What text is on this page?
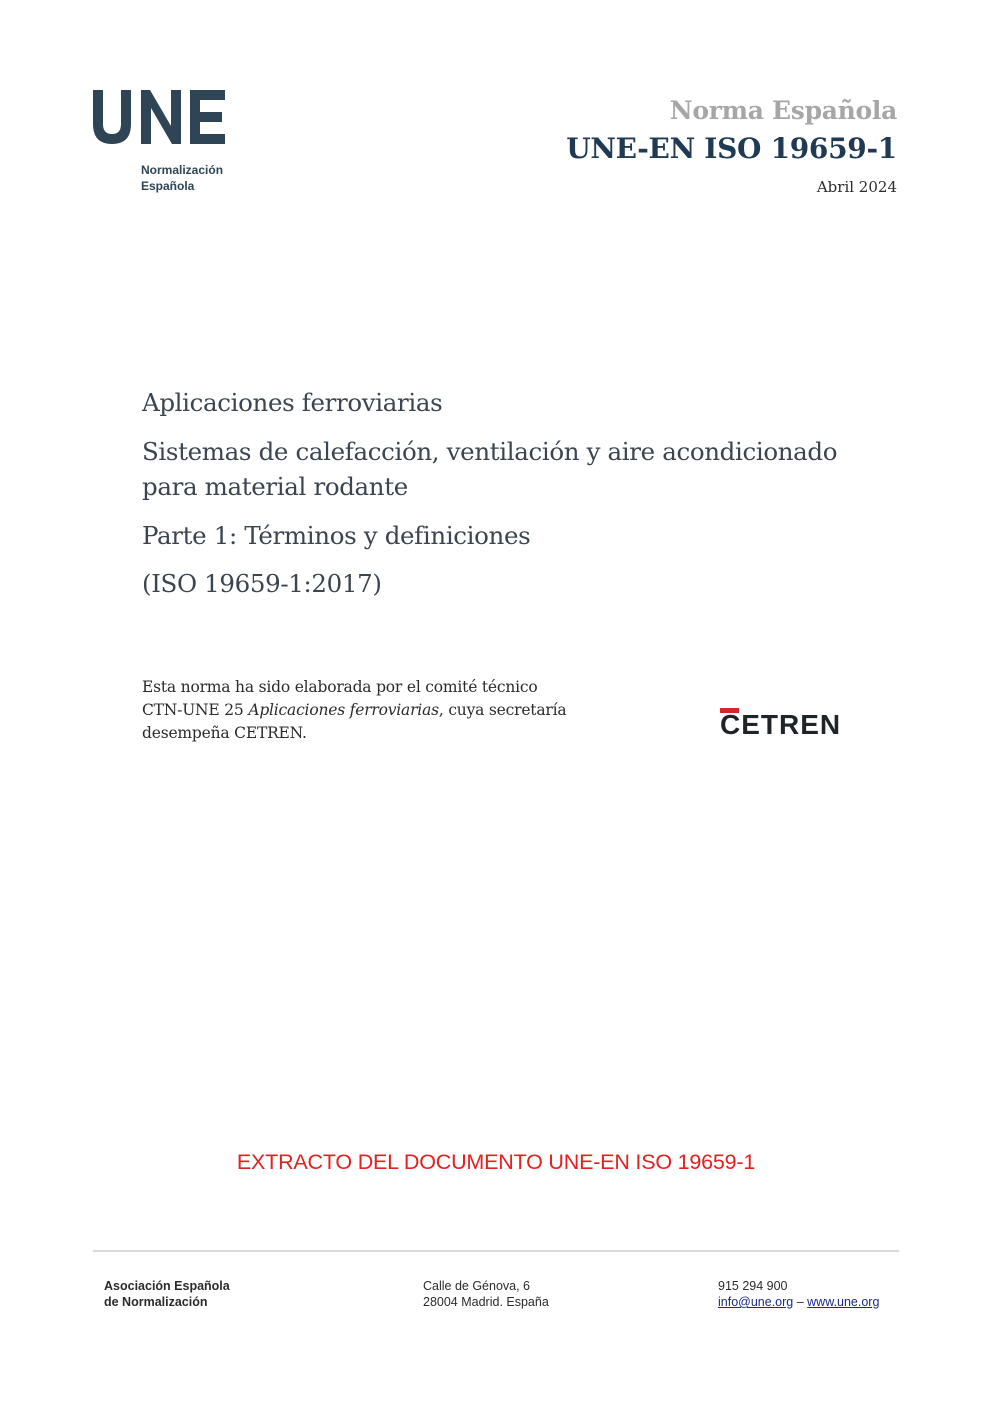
Normalización
Española
Norma Española
UNE-EN ISO 19659-1
Abril 2024
Aplicaciones ferroviarias
Sistemas de calefacción, ventilación y aire acondicionado
para material rodante
Parte 1: Términos y definiciones
(ISO 19659-1:2017)

Esta norma ha sido elaborada por el comité técnico

CTN-UNE 25 Aplicaciones ferroviarias, cuya secretaría

desempeña CETREN.	CETREN
EXTRACTO DEL DOCUMENTO UNE-EN ISO 19659-1
Asociación Española
de Normalización
Calle de Génova, 6
28004 Madrid. España
915 294 900
info@une.org – www.une.org
